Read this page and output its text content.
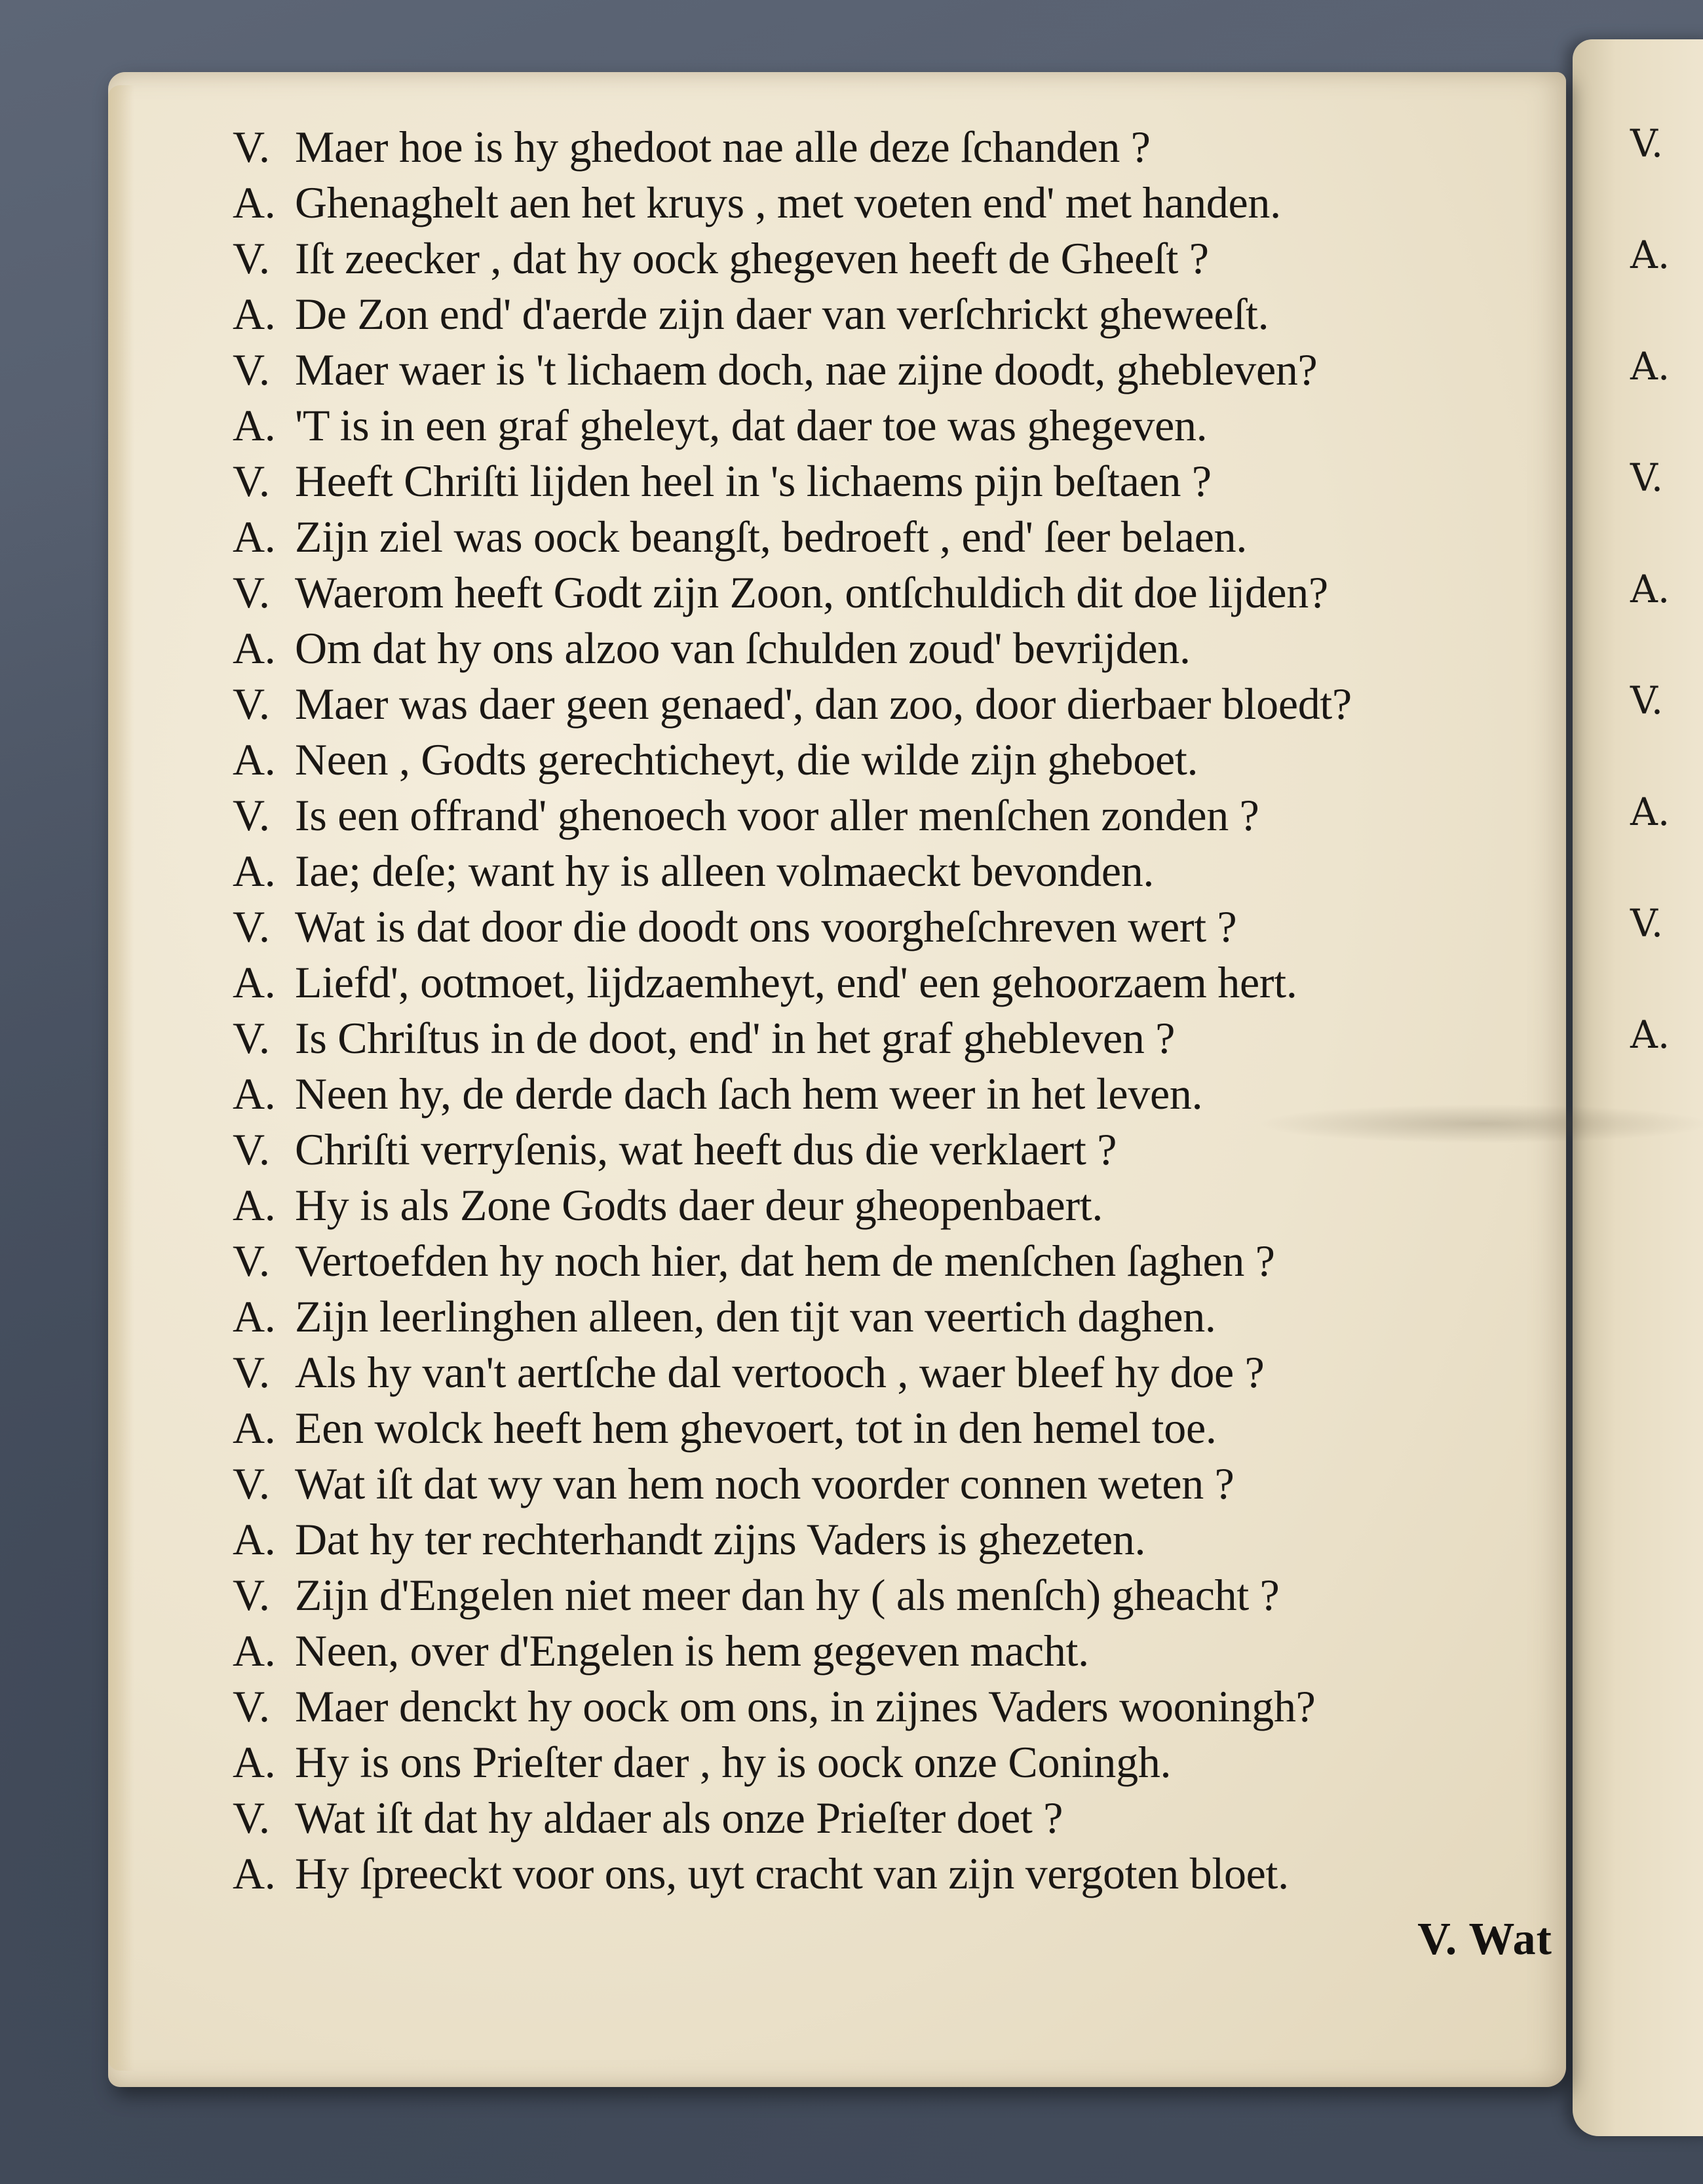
V.
A.
A.
V.
A.
V.
A.
V.
A.
V. Maer hoe is hy ghedoot nae alle deze ſchanden ?
A. Ghenaghelt aen het kruys , met voeten end' met handen.
V. Iſt zeecker , dat hy oock ghegeven heeft de Gheeſt ?
A. De Zon end' d'aerde zijn daer van verſchrickt gheweeſt.
V. Maer waer is 't lichaem doch, nae zijne doodt, ghebleven?
A. 'T is in een graf gheleyt, dat daer toe was ghegeven.
V. Heeft Chriſti lijden heel in 's lichaems pijn beſtaen ?
A. Zijn ziel was oock beangſt, bedroeft , end' ſeer belaen.
V. Waerom heeft Godt zijn Zoon, ontſchuldich dit doe lijden?
A. Om dat hy ons alzoo van ſchulden zoud' bevrijden.
V. Maer was daer geen genaed', dan zoo, door dierbaer bloedt?
A. Neen , Godts gerechticheyt, die wilde zijn gheboet.
V. Is een offrand' ghenoech voor aller menſchen zonden ?
A. Iae; deſe; want hy is alleen volmaeckt bevonden.
V. Wat is dat door die doodt ons voorgheſchreven wert ?
A. Liefd', ootmoet, lijdzaemheyt, end' een gehoorzaem hert.
V. Is Chriſtus in de doot, end' in het graf ghebleven ?
A. Neen hy, de derde dach ſach hem weer in het leven.
V. Chriſti verryſenis, wat heeft dus die verklaert ?
A. Hy is als Zone Godts daer deur gheopenbaert.
V. Vertoefden hy noch hier, dat hem de menſchen ſaghen ?
A. Zijn leerlinghen alleen, den tijt van veertich daghen.
V. Als hy van't aertſche dal vertooch , waer bleef hy doe ?
A. Een wolck heeft hem ghevoert, tot in den hemel toe.
V. Wat iſt dat wy van hem noch voorder connen weten ?
A. Dat hy ter rechterhandt zijns Vaders is ghezeten.
V. Zijn d'Engelen niet meer dan hy ( als menſch) gheacht ?
A. Neen, over d'Engelen is hem gegeven macht.
V. Maer denckt hy oock om ons, in zijnes Vaders wooningh?
A. Hy is ons Prieſter daer , hy is oock onze Coningh.
V. Wat iſt dat hy aldaer als onze Prieſter doet ?
A. Hy ſpreeckt voor ons, uyt cracht van zijn vergoten bloet.
V. Wat
